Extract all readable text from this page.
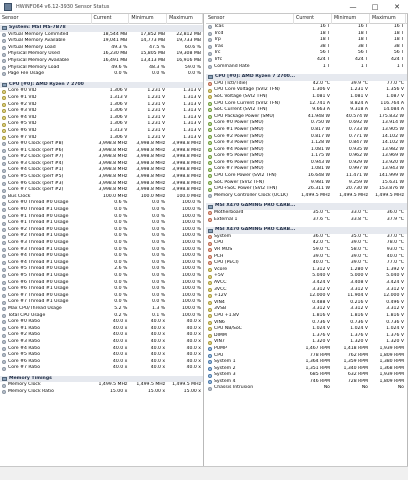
HWiNFO64 v6.12-3930 Sensor Status	—	□	✕
Sensor	Current	Minimum	Maximum
System: MSI MS-7B78
Virtual Memory Commited	18,544 MB	17,852 MB	22,812 MB
Virtual Memory Available	19,041 MB	14,773 MB	19,733 MB
Virtual Memory Load	49.3 %	47.5 %	60.6 %
Physical Memory Used	16,230 MB	15,805 MB	19,308 MB
Physical Memory Available	16,491 MB	13,413 MB	16,916 MB
Physical Memory Load	49.6 %	48.3 %	59.0 %
Page File Usage	0.0 %	0.0 %	0.0 %
CPU [#0]: AMD Ryzen 7 2700
Core #0 VID	1.306 V	1.231 V	1.313 V
Core #1 VID	1.313 V	1.231 V	1.313 V
Core #2 VID	1.306 V	1.231 V	1.313 V
Core #3 VID	1.306 V	1.231 V	1.313 V
Core #4 VID	1.306 V	1.231 V	1.313 V
Core #5 VID	1.306 V	1.231 V	1.313 V
Core #6 VID	1.313 V	1.231 V	1.313 V
Core #7 VID	1.306 V	1.231 V	1.313 V
Core #0 Clock (perf #8)	3,998.8 MHz	3,998.8 MHz	3,998.8 MHz
Core #1 Clock (perf #6)	3,998.8 MHz	3,998.8 MHz	3,998.8 MHz
Core #2 Clock (perf #7)	3,998.8 MHz	3,998.8 MHz	3,998.8 MHz
Core #3 Clock (perf #4)	3,998.8 MHz	3,998.8 MHz	3,998.8 MHz
Core #4 Clock (perf #1)	3,998.8 MHz	3,998.8 MHz	3,998.8 MHz
Core #5 Clock (perf #5)	3,998.8 MHz	3,998.8 MHz	3,998.8 MHz
Core #6 Clock (perf #3)	3,998.8 MHz	3,998.8 MHz	3,998.8 MHz
Core #7 Clock (perf #2)	3,998.8 MHz	3,998.8 MHz	3,998.8 MHz
Bus Clock	100.0 MHz	100.0 MHz	100.0 MHz
Core #0 Thread #0 Usage	0.6 %	0.0 %	100.0 %
Core #0 Thread #1 Usage	0.0 %	0.0 %	100.0 %
Core #1 Thread #0 Usage	0.0 %	0.0 %	100.0 %
Core #1 Thread #1 Usage	0.0 %	0.0 %	100.0 %
Core #2 Thread #0 Usage	0.0 %	0.0 %	100.0 %
Core #2 Thread #1 Usage	0.0 %	0.0 %	100.0 %
Core #3 Thread #0 Usage	0.0 %	0.0 %	100.0 %
Core #3 Thread #1 Usage	0.0 %	0.0 %	100.0 %
Core #4 Thread #0 Usage	0.0 %	0.0 %	100.0 %
Core #4 Thread #1 Usage	0.0 %	0.0 %	100.0 %
Core #5 Thread #0 Usage	2.6 %	0.0 %	100.0 %
Core #5 Thread #1 Usage	0.0 %	0.0 %	100.0 %
Core #6 Thread #0 Usage	0.0 %	0.0 %	100.0 %
Core #6 Thread #1 Usage	0.0 %	0.0 %	100.0 %
Core #7 Thread #0 Usage	0.0 %	0.0 %	100.0 %
Core #7 Thread #1 Usage	0.0 %	0.0 %	100.0 %
Max CPU/Thread Usage	5.2 %	1.3 %	100.0 %
Total CPU Usage	0.2 %	0.1 %	100.0 %
Core #0 Ratio	40.0 x	40.0 x	40.0 x
Core #1 Ratio	40.0 x	40.0 x	40.0 x
Core #2 Ratio	40.0 x	40.0 x	40.0 x
Core #3 Ratio	40.0 x	40.0 x	40.0 x
Core #4 Ratio	40.0 x	40.0 x	40.0 x
Core #5 Ratio	40.0 x	40.0 x	40.0 x
Core #6 Ratio	40.0 x	40.0 x	40.0 x
Core #7 Ratio	40.0 x	40.0 x	40.0 x
Memory Timings
Memory Clock	1,499.5 MHz	1,499.5 MHz	1,499.5 MHz
Memory Clock Ratio	15.00 x	15.00 x	15.00 x
Sensor	Current	Minimum	Maximum
Tcas	16 T	16 T	16 T
Trcd	18 T	18 T	18 T
Trp	18 T	18 T	18 T
Tras	38 T	38 T	38 T
Trc	56 T	56 T	56 T
Trfc	424 T	424 T	424 T
Command Rate	1 T	1 T	1 T
CPU [#0]: AMD Ryzen 7 2700...
CPU (Tctl/Tdie)	42.0 °C	39.9 °C	77.0 °C
CPU Core Voltage (SVI2 TFN)	1.306 V	1.231 V	1.356 V
SoC Voltage (SVI2 TFN)	1.081 V	1.081 V	1.087 V
CPU Core Current (SVI2 TFN)	12.741 A	8.824 A	116.764 A
SoC Current (SVI2 TFN)	9.663 A	9.318 A	14.084 A
CPU Package Power (SMU)	41.948 W	40.574 W	175.832 W
Core #0 Power (SMU)	0.750 W	0.692 W	13.914 W
Core #1 Power (SMU)	0.817 W	0.733 W	13.905 W
Core #2 Power (SMU)	0.817 W	0.771 W	14.102 W
Core #3 Power (SMU)	1.128 W	0.847 W	14.102 W
Core #4 Power (SMU)	1.081 W	0.935 W	13.982 W
Core #5 Power (SMU)	1.175 W	0.962 W	13.969 W
Core #6 Power (SMU)	0.943 W	0.929 W	13.920 W
Core #7 Power (SMU)	1.081 W	0.997 W	13.943 W
CPU Core Power (SVI2 TFN)	16.648 W	11.471 W	141.999 W
SoC Power (SVI2 TFN)	9.981 W	9.259 W	15.631 W
CPU+SoC Power (SVI2 TFN)	26.311 W	20.730 W	153.876 W
Memory Controller Clock (UCLK)	1,499.5 MHz	1,499.5 MHz	1,499.5 MHz
MSI X470 GAMING PRO CARB...
Motherboard	35.0 °C	33.0 °C	36.0 °C
External 1	37.6 °C	33.8 °C	37.9 °C
MSI X470 GAMING PRO CARB...
System	36.0 °C	35.0 °C	37.0 °C
CPU	42.0 °C	39.0 °C	78.0 °C
VR MOS	59.0 °C	58.0 °C	93.0 °C
PCH	39.0 °C	39.0 °C	40.0 °C
CPU (PECI)	40.0 °C	39.0 °C	77.0 °C
Vcore	1.312 V	1.280 V	1.392 V
+5V	5.040 V	5.000 V	5.040 V
AVCC	3.424 V	3.408 V	3.424 V
3VCC	3.312 V	3.312 V	3.312 V
+12V	12.000 V	11.904 V	12.000 V
VIN4	0.488 V	0.216 V	0.496 V
3VSB	3.312 V	3.312 V	3.312 V
CPU +1.8V	1.816 V	1.816 V	1.816 V
VIN6	0.736 V	0.736 V	0.736 V
CPU NB/SoC	1.024 V	1.024 V	1.024 V
DIMM	1.376 V	1.376 V	1.376 V
VIN7	1.320 V	1.320 V	1.320 V
PUMP	1,467 RPM	1,418 RPM	1,939 RPM
CPU	778 RPM	762 RPM	1,809 RPM
System 1	1,364 RPM	1,359 RPM	1,380 RPM
System 2	1,351 RPM	1,340 RPM	1,368 RPM
System 3	685 RPM	632 RPM	1,939 RPM
System 4	746 RPM	728 RPM	1,809 RPM
Chassis Intrusion	No	No	No
